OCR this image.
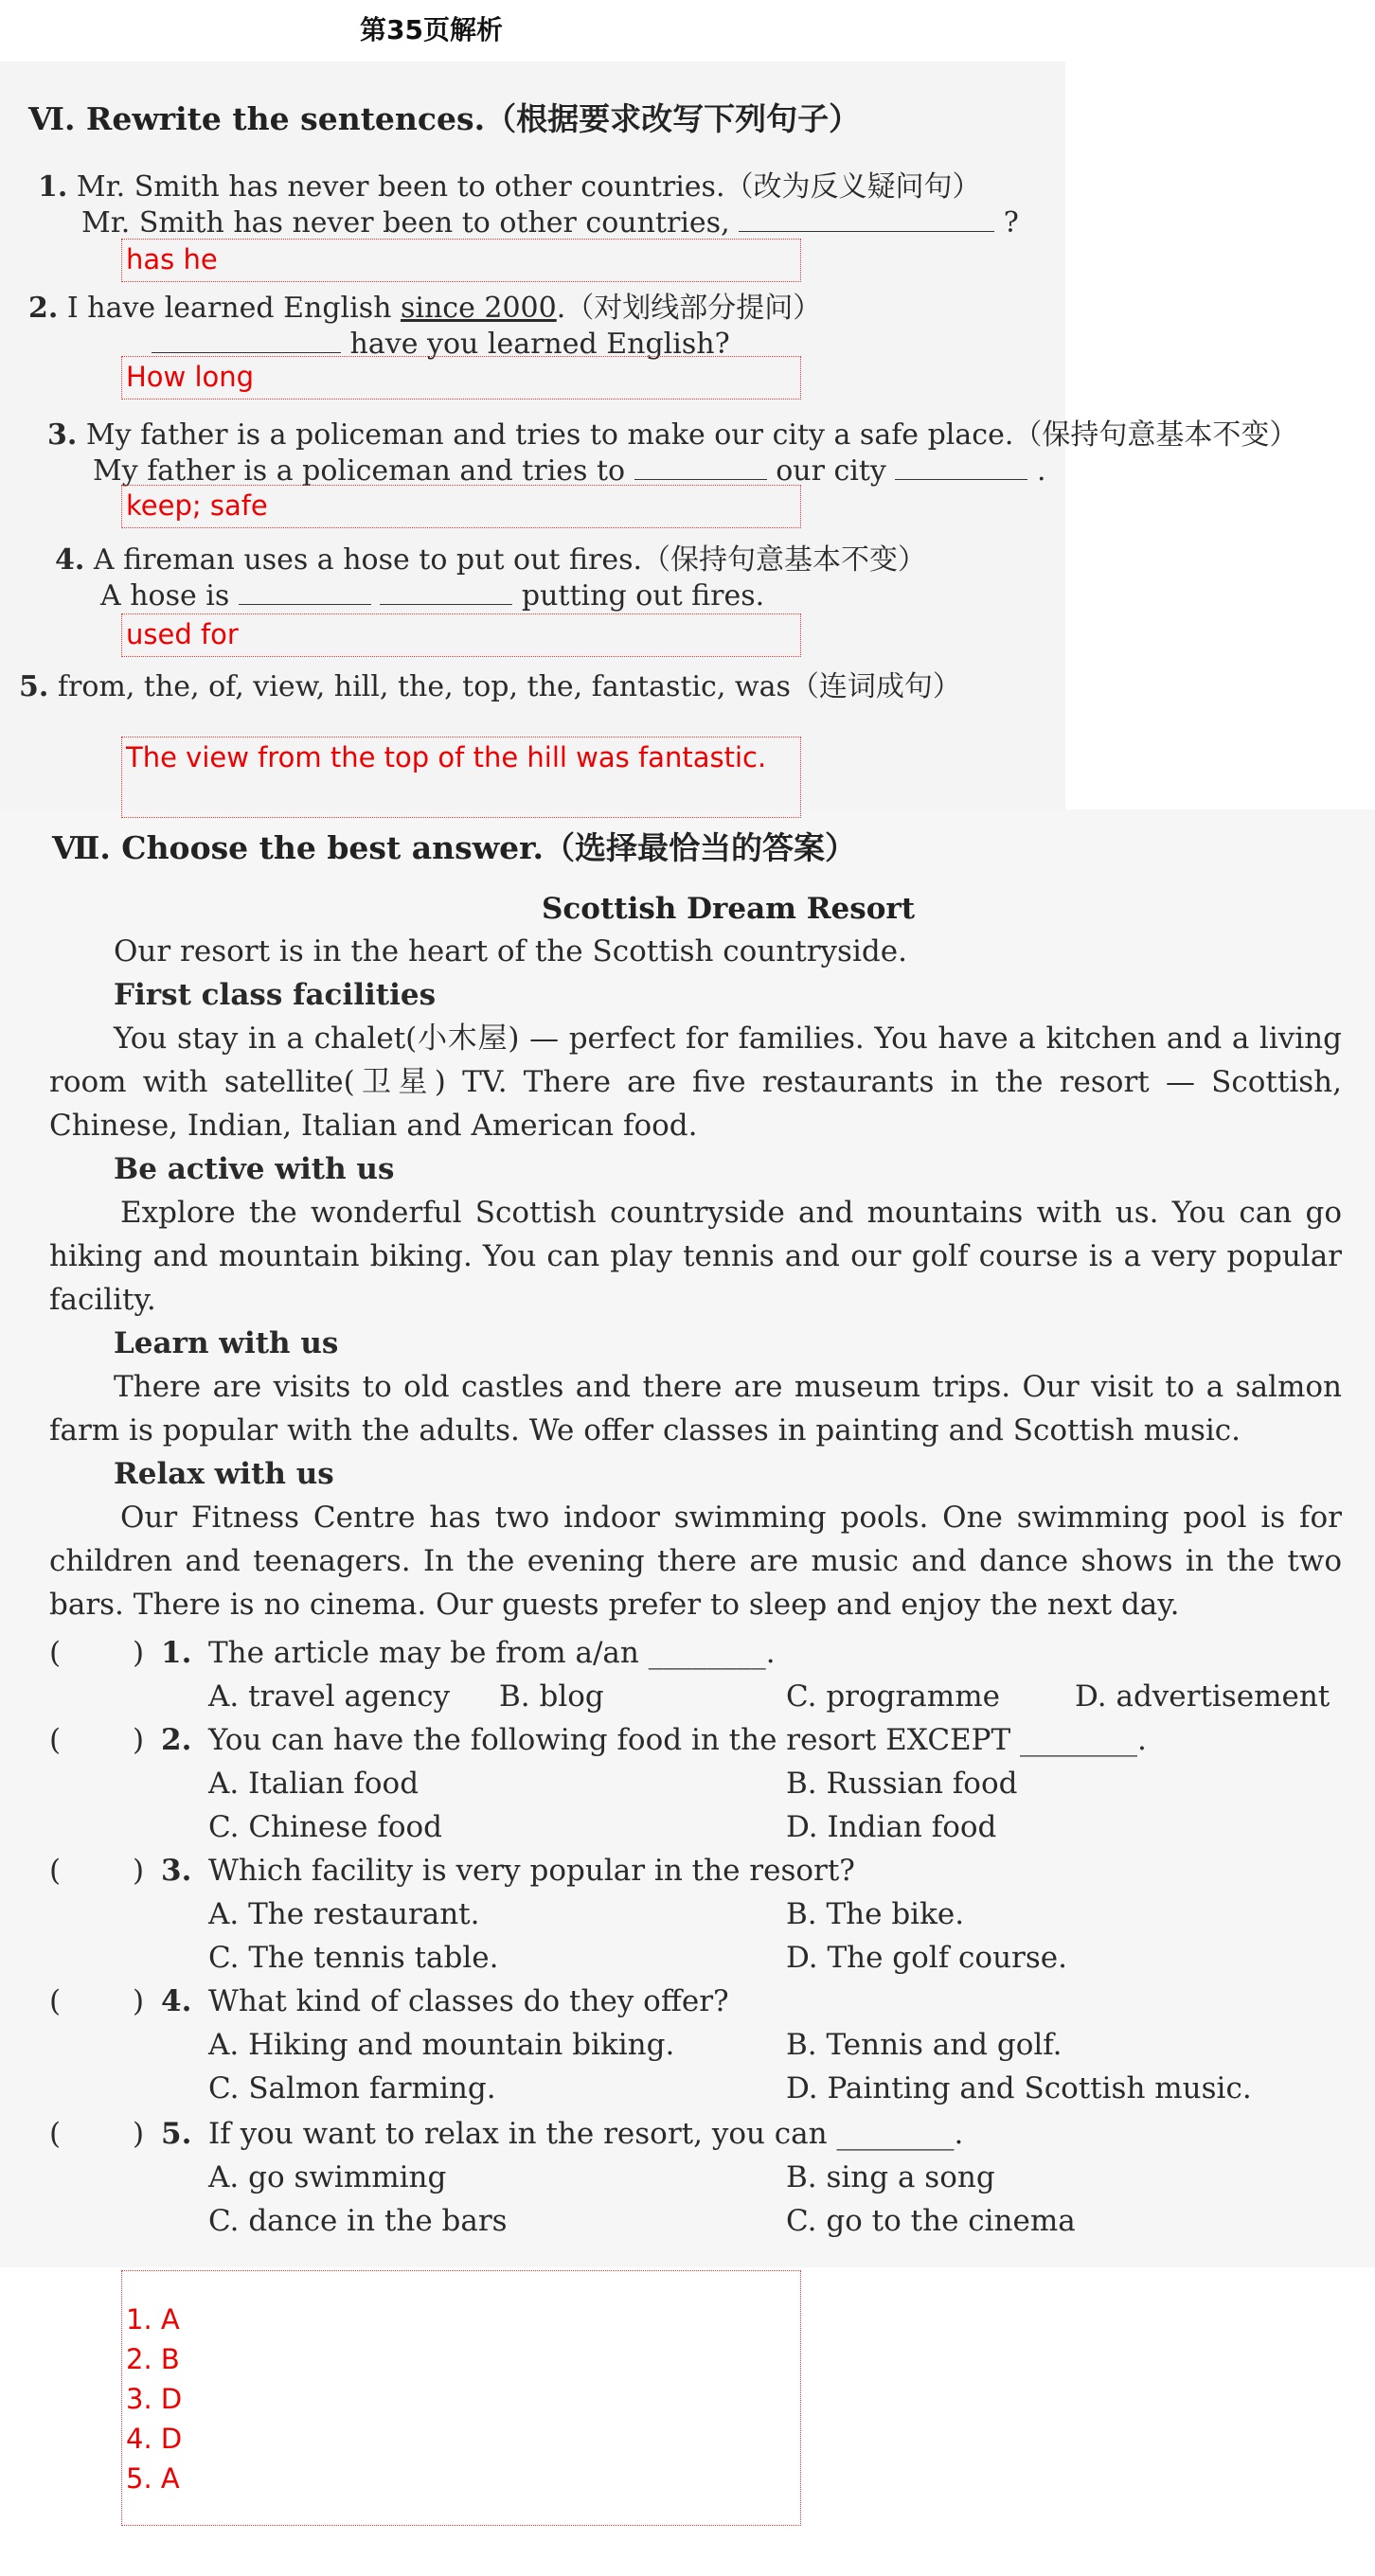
第35页解析
Ⅵ. Rewrite the sentences.（根据要求改写下列句子）
1. Mr. Smith has never been to other countries.（改为反义疑问句）
Mr. Smith has never been to other countries,	?
has he
2. I have learned English since 2000.（对划线部分提问）
have you learned English?
How long
3. My father is a policeman and tries to make our city a safe place.（保持句意基本不变）
My father is a policeman and tries to	our city	.
keep; safe
4. A fireman uses a hose to put out fires.（保持句意基本不变）
A hose is	putting out fires.
used for
5. from, the, of, view, hill, the, top, the, fantastic, was（连词成句）
The view from the top of the hill was fantastic.
Ⅶ. Choose the best answer.（选择最恰当的答案）
Scottish Dream Resort
Our resort is in the heart of the Scottish countryside.
First class facilities
You stay in a chalet(小木屋) — perfect for families. You have a kitchen and a living room with satellite(卫星) TV. There are five restaurants in the resort — Scottish, Chinese, Indian, Italian and American food.
Be active with us
Explore the wonderful Scottish countryside and mountains with us. You can go hiking and mountain biking. You can play tennis and our golf course is a very popular facility.
Learn with us
There are visits to old castles and there are museum trips. Our visit to a salmon farm is popular with the adults. We offer classes in painting and Scottish music.
Relax with us
Our Fitness Centre has two indoor swimming pools. One swimming pool is for children and teenagers. In the evening there are music and dance shows in the two bars. There is no cinema. Our guests prefer to sleep and enjoy the next day.
( ) 1. The article may be from a/an ________.
A. travel agency B. blog	C. programme	D. advertisement
( ) 2. You can have the following food in the resort EXCEPT ________.
A. Italian food	B. Russian food
C. Chinese food	D. Indian food
( ) 3. Which facility is very popular in the resort?
A. The restaurant.	B. The bike.
C. The tennis table.	D. The golf course.
( ) 4. What kind of classes do they offer?
A. Hiking and mountain biking.	B. Tennis and golf.
C. Salmon farming.	D. Painting and Scottish music.
( ) 5. If you want to relax in the resort, you can ________.
A. go swimming	B. sing a song
C. dance in the bars	C. go to the cinema
1. A
2. B
3. D
4. D
5. A
